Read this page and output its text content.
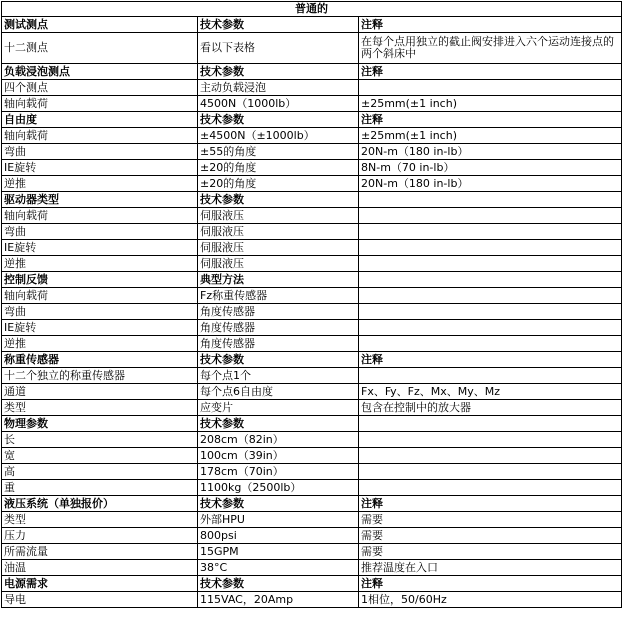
普通的		
测试测点	技术参数	注释
十二测点	看以下表格	在每个点用独立的截止阀安排进入六个运动连接点的两个斜床中
负载浸泡测点	技术参数	注释
四个测点	主动负载浸泡	
轴向载荷	4500N（1000lb）	±25mm(±1 inch)
自由度	技术参数	注释
轴向载荷	±4500N（±1000lb）	±25mm(±1 inch)
弯曲	±55的角度	20N-m（180 in-lb）
IE旋转	±20的角度	8N-m（70 in-lb）
逆推	±20的角度	20N-m（180 in-lb）
驱动器类型	技术参数	
轴向载荷	伺服液压	
弯曲	伺服液压	
IE旋转	伺服液压	
逆推	伺服液压	
控制反馈	典型方法	
轴向载荷	Fz称重传感器	
弯曲	角度传感器	
IE旋转	角度传感器	
逆推	角度传感器	
称重传感器	技术参数	注释
十二个独立的称重传感器	每个点1个	
通道	每个点6自由度	Fx、Fy、Fz、Mx、My、Mz
类型	应变片	包含在控制中的放大器
物理参数	技术参数	
长	208cm（82in）	
宽	100cm（39in）	
高	178cm（70in）	
重	1100kg（2500lb）	
液压系统（单独报价）	技术参数	注释
类型	外部HPU	需要
压力	800psi	需要
所需流量	15GPM	需要
油温	38°C	推荐温度在入口
电源需求	技术参数	注释
导电	115VAC，20Amp	1相位，50/60Hz
